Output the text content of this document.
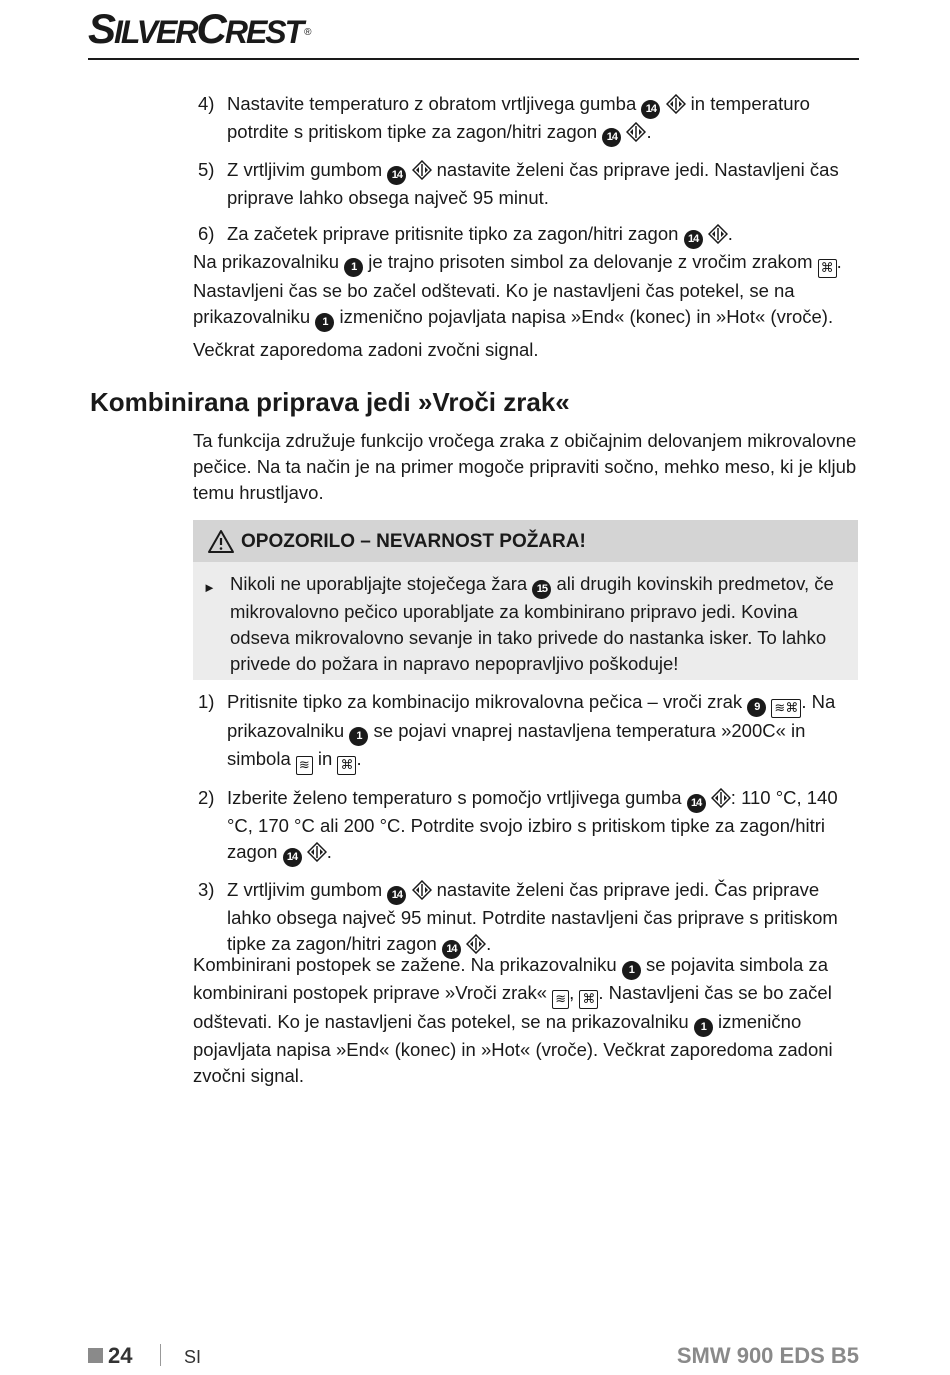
SILVERCREST ®
4) Nastavite temperaturo z obratom vrtljivega gumba 14  in temperaturo potrdite s pritiskom tipke za zagon/hitri zagon 14 .
5) Z vrtljivim gumbom 14  nastavite želeni čas priprave jedi. Nastavljeni čas priprave lahko obsega največ 95 minut.
6) Za začetek priprave pritisnite tipko za zagon/hitri zagon 14 .
Na prikazovalniku 1 je trajno prisoten simbol za delovanje z vročim zrakom ⌘ . Nastavljeni čas se bo začel odštevati. Ko je nastavljeni čas potekel, se na prikazovalniku 1 izmenično pojavljata napisa »End« (konec) in »Hot« (vroče).
Večkrat zaporedoma zadoni zvočni signal.
Kombinirana priprava jedi »Vroči zrak«
Ta funkcija združuje funkcijo vročega zraka z običajnim delovanjem mikrovalovne pečice. Na ta način je na primer mogoče pripraviti sočno, mehko meso, ki je kljub temu hrustljavo.
OPOZORILO – NEVARNOST POŽARA!
► Nikoli ne uporabljajte stoječega žara 15 ali drugih kovinskih predmetov, če mikrovalovno pečico uporabljate za kombinirano pripravo jedi. Kovina odseva mikrovalovno sevanje in tako privede do nastanka isker. To lahko privede do požara in napravo nepopravljivo poškoduje!
1) Pritisnite tipko za kombinacijo mikrovalovna pečica – vroči zrak 9 ≋⌘ . Na prikazovalniku 1 se pojavi vnaprej nastavljena temperatura »200C« in simbola ≋ in ⌘ .
2) Izberite želeno temperaturo s pomočjo vrtljivega gumba 14 : 110 °C, 140 °C, 170 °C ali 200 °C. Potrdite svojo izbiro s pritiskom tipke za zagon/hitri zagon 14 .
3) Z vrtljivim gumbom 14  nastavite želeni čas priprave jedi. Čas priprave lahko obsega največ 95 minut. Potrdite nastavljeni čas priprave s pritiskom tipke za zagon/hitri zagon 14 .
Kombinirani postopek se zažene. Na prikazovalniku 1 se pojavita simbola za kombinirani postopek priprave »Vroči zrak« ≋ , ⌘ . Nastavljeni čas se bo začel odštevati. Ko je nastavljeni čas potekel, se na prikazovalniku 1 izmenično pojavljata napisa »End« (konec) in »Hot« (vroče). Večkrat zaporedoma zadoni zvočni signal.
24	SI	SMW 900 EDS B5
